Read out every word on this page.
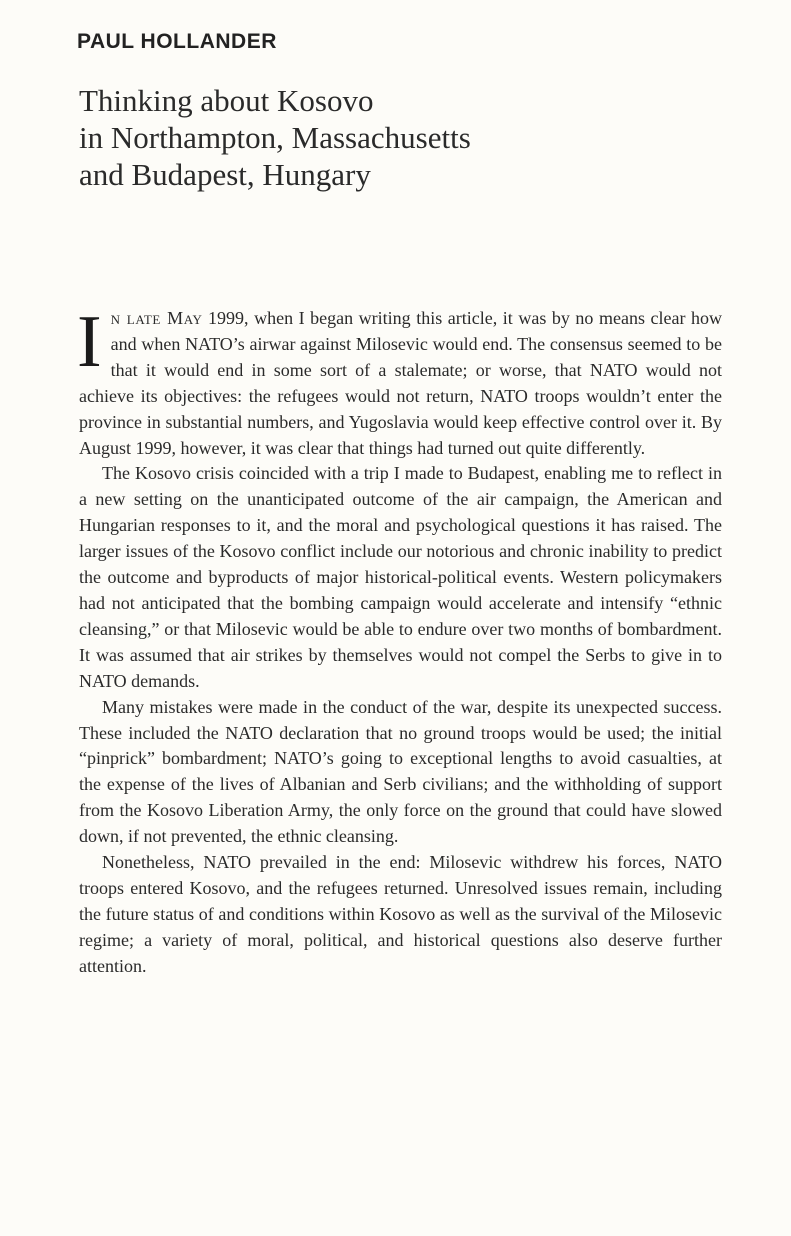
PAUL HOLLANDER
Thinking about Kosovo
in Northampton, Massachusetts
and Budapest, Hungary

In late May 1999, when I began writing this article, it was by no means clear how and when NATO’s airwar against Milosevic would end. The consensus seemed to be that it would end in some sort of a stalemate; or worse, that NATO would not achieve its objectives: the refugees would not return, NATO troops wouldn’t enter the province in substantial numbers, and Yugoslavia would keep effective control over it. By August 1999, however, it was clear that things had turned out quite differently.

The Kosovo crisis coincided with a trip I made to Budapest, enabling me to reflect in a new setting on the unanticipated outcome of the air campaign, the American and Hungarian responses to it, and the moral and psychological questions it has raised. The larger issues of the Kosovo conflict include our notorious and chronic inability to predict the outcome and byproducts of major historical-political events. Western policymakers had not anticipated that the bombing campaign would accelerate and intensify “ethnic cleansing,” or that Milosevic would be able to endure over two months of bombardment. It was assumed that air strikes by themselves would not compel the Serbs to give in to NATO demands.

Many mistakes were made in the conduct of the war, despite its unexpected success. These included the NATO declaration that no ground troops would be used; the initial “pinprick” bombardment; NATO’s going to exceptional lengths to avoid casualties, at the expense of the lives of Albanian and Serb civilians; and the withholding of support from the Kosovo Liberation Army, the only force on the ground that could have slowed down, if not prevented, the ethnic cleansing.

Nonetheless, NATO prevailed in the end: Milosevic withdrew his forces, NATO troops entered Kosovo, and the refugees returned. Unresolved issues remain, including the future status of and conditions within Kosovo as well as the survival of the Milosevic regime; a variety of moral, political, and historical questions also deserve further attention.
